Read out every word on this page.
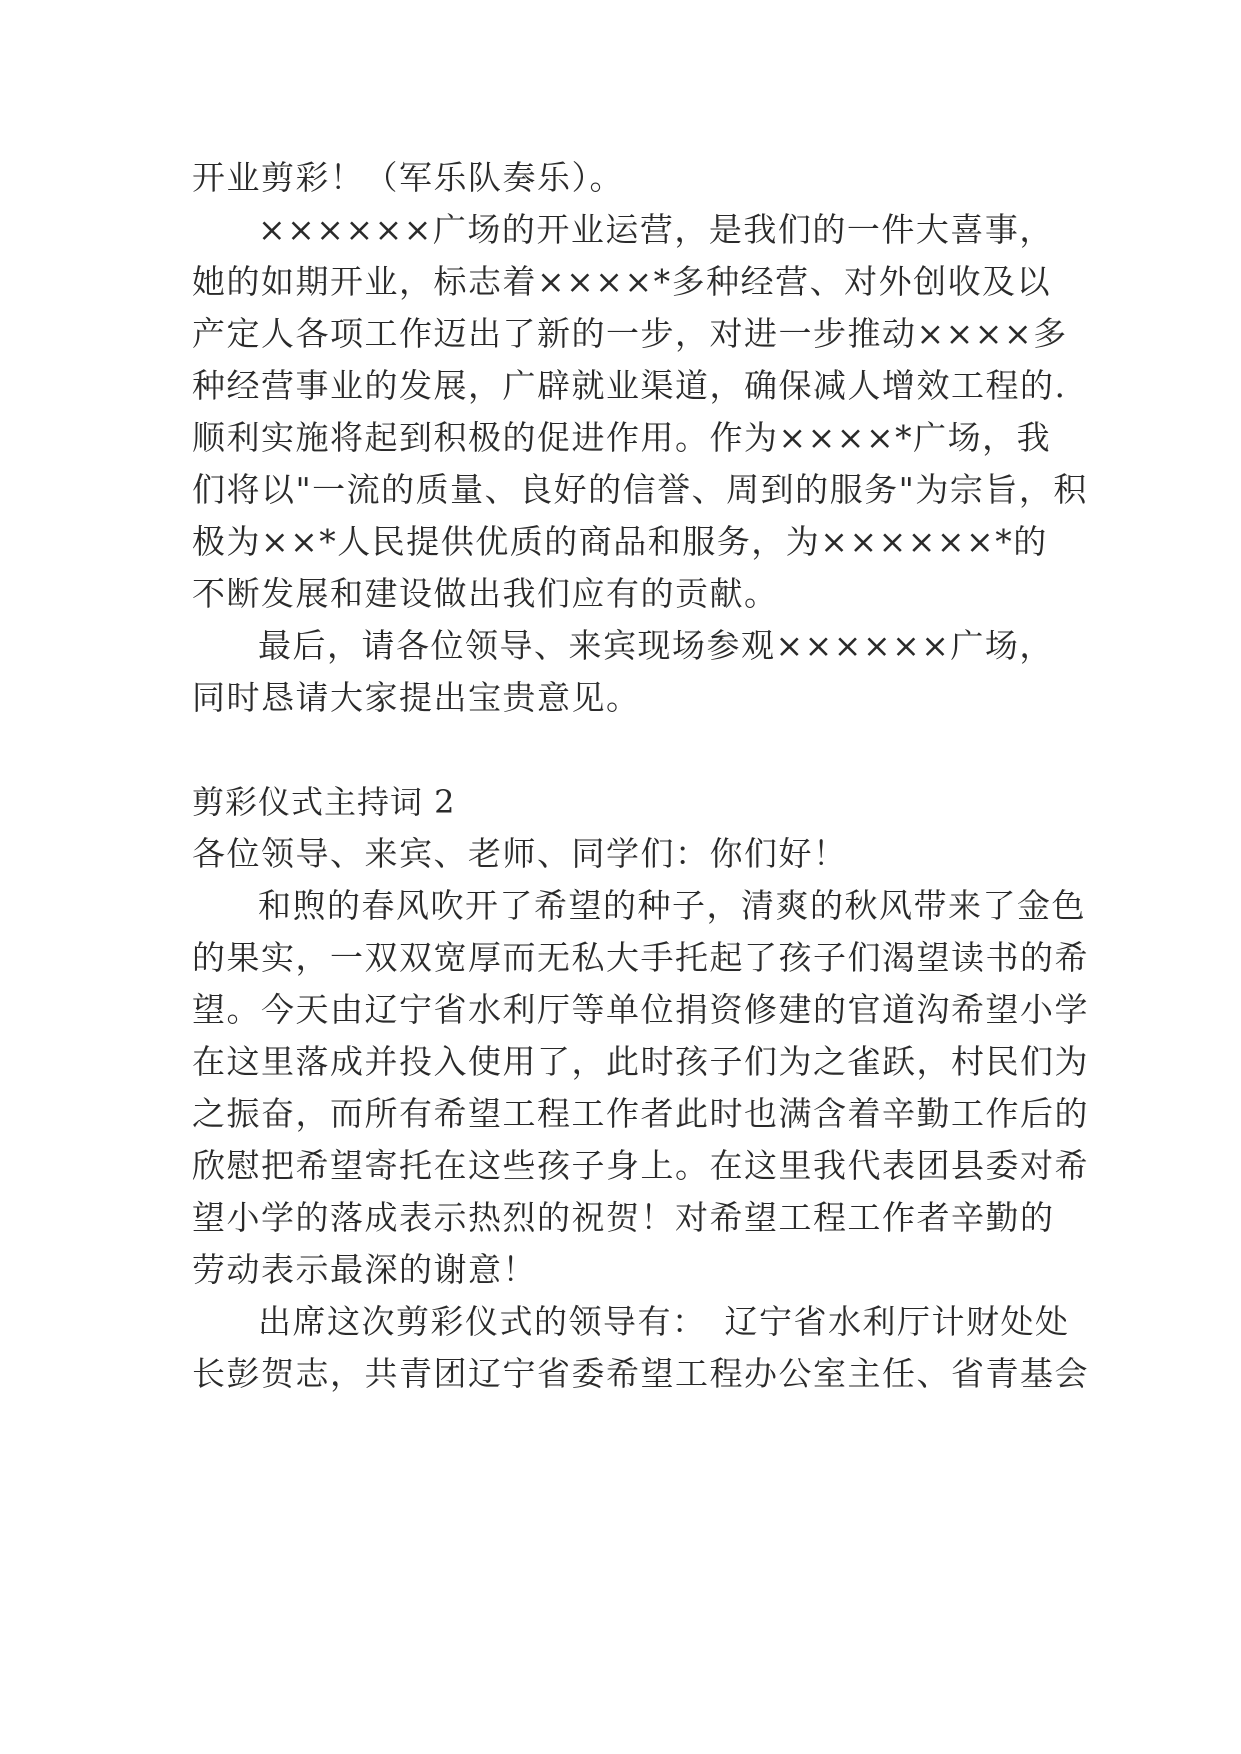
开业剪彩！（军乐队奏乐）。
××××××广场的开业运营，是我们的一件大喜事，
她的如期开业，标志着××××*多种经营、对外创收及以
产定人各项工作迈出了新的一步，对进一步推动××××多
种经营事业的发展，广辟就业渠道，确保减人增效工程的.
顺利实施将起到积极的促进作用。作为××××*广场，我
们将以"一流的质量、良好的信誉、周到的服务"为宗旨，积
极为××*人民提供优质的商品和服务，为××××××*的
不断发展和建设做出我们应有的贡献。
最后，请各位领导、来宾现场参观××××××广场，
同时恳请大家提出宝贵意见。
剪彩仪式主持词 2
各位领导、来宾、老师、同学们：你们好！
和煦的春风吹开了希望的种子，清爽的秋风带来了金色
的果实，一双双宽厚而无私大手托起了孩子们渴望读书的希
望。今天由辽宁省水利厅等单位捐资修建的官道沟希望小学
在这里落成并投入使用了，此时孩子们为之雀跃，村民们为
之振奋，而所有希望工程工作者此时也满含着辛勤工作后的
欣慰把希望寄托在这些孩子身上。在这里我代表团县委对希
望小学的落成表示热烈的祝贺！对希望工程工作者辛勤的
劳动表示最深的谢意！
出席这次剪彩仪式的领导有：　辽宁省水利厅计财处处
长彭贺志，共青团辽宁省委希望工程办公室主任、省青基会
